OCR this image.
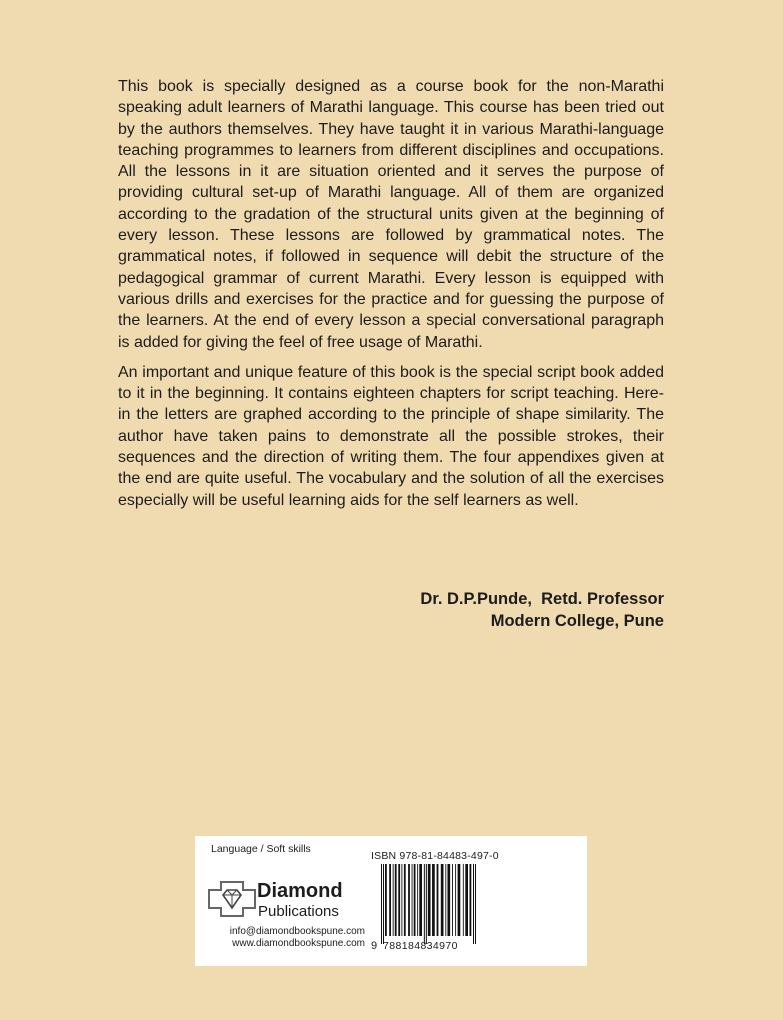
This book is specially designed as a course book for the non-Marathi speaking adult learners of Marathi language. This course has been tried out by the authors themselves. They have taught it in various Marathi-language teaching programmes to learners from different disciplines and occupations. All the lessons in it are situation oriented and it serves the purpose of providing cultural set-up of Marathi language. All of them are organized according to the gradation of the structural units given at the beginning of every lesson. These lessons are followed by grammatical notes. The grammatical notes, if followed in sequence will debit the structure of the pedagogical grammar of current Marathi. Every lesson is equipped with various drills and exercises for the practice and for guessing the purpose of the learners. At the end of every lesson a special conversational paragraph is added for giving the feel of free usage of Marathi.

An important and unique feature of this book is the special script book added to it in the beginning. It contains eighteen chapters for script teaching. Here-in the letters are graphed according to the principle of shape similarity. The author have taken pains to demonstrate all the possible strokes, their sequences and the direction of writing them. The four appendixes given at the end are quite useful. The vocabulary and the solution of all the exercises especially will be useful learning aids for the self learners as well.

Dr. D.P.Punde,  Retd. Professor
Modern College, Pune
Language / Soft skills
Diamond
Publications
info@diamondbookspune.com
www.diamondbookspune.com
ISBN 978-81-84483-497-0
9 788184834970
